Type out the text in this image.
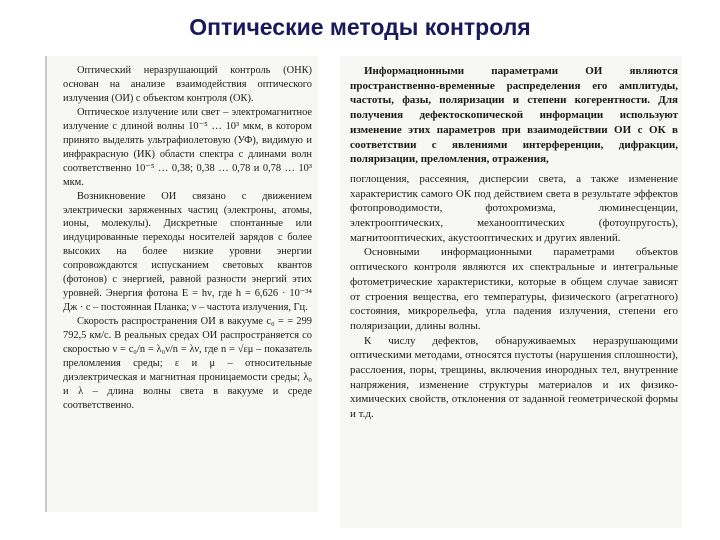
Оптические методы контроля

Оптический неразрушающий контроль (ОНК) основан на анализе взаимодействия оптического излучения (ОИ) с объектом контроля (ОК).

Оптическое излучение или свет – электромагнитное излучение с длиной волны 10⁻⁵ … 10³ мкм, в котором принято выделять ультрафиолетовую (УФ), видимую и инфракрасную (ИК) области спектра с длинами волн соответственно 10⁻⁵ … 0,38; 0,38 … 0,78 и 0,78 … 10³ мкм.

Возникновение ОИ связано с движением электрически заряженных частиц (электроны, атомы, ионы, молекулы). Дискретные спонтанные или индуцированные переходы носителей зарядов с более высоких на более низкие уровни энергии сопровождаются испусканием световых квантов (фотонов) с энергией, равной разности энергий этих уровней. Энергия фотона E = hν, где h = 6,626 · 10⁻³⁴ Дж · с – постоянная Планка; ν – частота излучения, Гц.

Скорость распространения ОИ в вакууме c₀ = = 299 792,5 км/с. В реальных средах ОИ распространяется со скоростью ν = c₀/n = λ₀ν/n = λν, где n = √εμ – показатель преломления среды; ε и μ – относительные диэлектрическая и магнитная проницаемости среды; λ₀ и λ – длина волны света в вакууме и среде соответственно.

Информационными параметрами ОИ являются пространственно-временные распределения его амплитуды, частоты, фазы, поляризации и степени когерентности. Для получения дефектоскопической информации используют изменение этих параметров при взаимодействии ОИ с ОК в соответствии с явлениями интерференции, дифракции, поляризации, преломления, отражения,

поглощения, рассеяния, дисперсии света, а также изменение характеристик самого ОК под действием света в результате эффектов фотопроводимости, фотохромизма, люминесценции, электрооптических, механооптических (фотоупругость), магнитооптических, акустооптических и других явлений.

Основными информационными параметрами объектов оптического контроля являются их спектральные и интегральные фотометрические характеристики, которые в общем случае зависят от строения вещества, его температуры, физического (агрегатного) состояния, микрорельефа, угла падения излучения, степени его поляризации, длины волны.

К числу дефектов, обнаруживаемых неразрушающими оптическими методами, относятся пустоты (нарушения сплошности), расслоения, поры, трещины, включения инородных тел, внутренние напряжения, изменение структуры материалов и их физико-химических свойств, отклонения от заданной геометрической формы и т.д.
